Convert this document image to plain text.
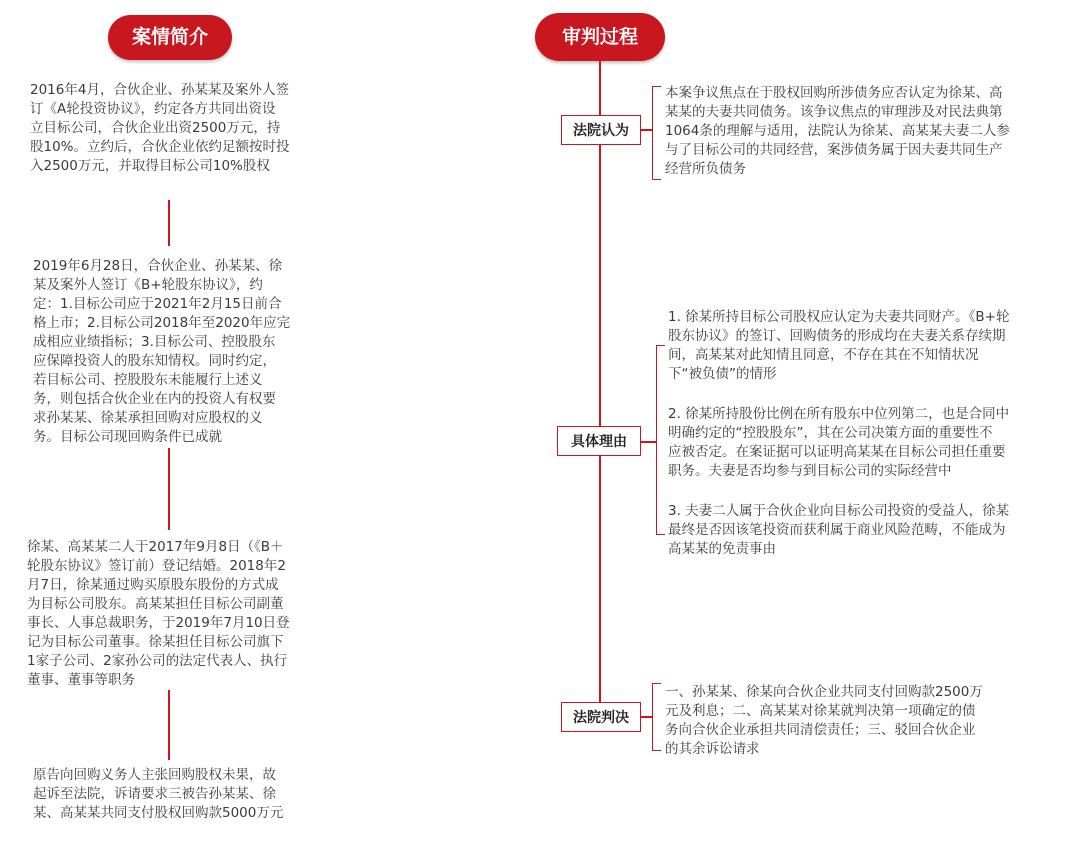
案情简介
2016年4月，合伙企业、孙某某及案外人签
订《A轮投资协议》，约定各方共同出资设
立目标公司，合伙企业出资2500万元，持
股10%。立约后，合伙企业依约足额按时投
入2500万元，并取得目标公司10%股权
2019年6月28日，合伙企业、孙某某、徐
某及案外人签订《B+轮股东协议》，约
定：1.目标公司应于2021年2月15日前合
格上市；2.目标公司2018年至2020年应完
成相应业绩指标；3.目标公司、控股股东
应保障投资人的股东知情权。同时约定，
若目标公司、控股股东未能履行上述义
务，则包括合伙企业在内的投资人有权要
求孙某某、徐某承担回购对应股权的义
务。目标公司现回购条件已成就
徐某、高某某二人于2017年9月8日（《B＋
轮股东协议》签订前）登记结婚。2018年2
月7日，徐某通过购买原股东股份的方式成
为目标公司股东。高某某担任目标公司副董
事长、人事总裁职务，于2019年7月10日登
记为目标公司董事。徐某担任目标公司旗下
1家子公司、2家孙公司的法定代表人、执行
董事、董事等职务
原告向回购义务人主张回购股权未果，故
起诉至法院，诉请要求三被告孙某某、徐
某、高某某共同支付股权回购款5000万元
审判过程
法院认为
本案争议焦点在于股权回购所涉债务应否认定为徐某、高
某某的夫妻共同债务。该争议焦点的审理涉及对民法典第
1064条的理解与适用，法院认为徐某、高某某夫妻二人参
与了目标公司的共同经营，案涉债务属于因夫妻共同生产
经营所负债务
具体理由
1. 徐某所持目标公司股权应认定为夫妻共同财产。《B+轮
股东协议》的签订、回购债务的形成均在夫妻关系存续期
间，高某某对此知情且同意，不存在其在不知情状况
下“被负债”的情形
2. 徐某所持股份比例在所有股东中位列第二，也是合同中
明确约定的“控股股东”，其在公司决策方面的重要性不
应被否定。在案证据可以证明高某某在目标公司担任重要
职务。夫妻是否均参与到目标公司的实际经营中
3. 夫妻二人属于合伙企业向目标公司投资的受益人，徐某
最终是否因该笔投资而获利属于商业风险范畴，不能成为
高某某的免责事由
法院判决
一、孙某某、徐某向合伙企业共同支付回购款2500万
元及利息；二、高某某对徐某就判决第一项确定的债
务向合伙企业承担共同清偿责任；三、驳回合伙企业
的其余诉讼请求
